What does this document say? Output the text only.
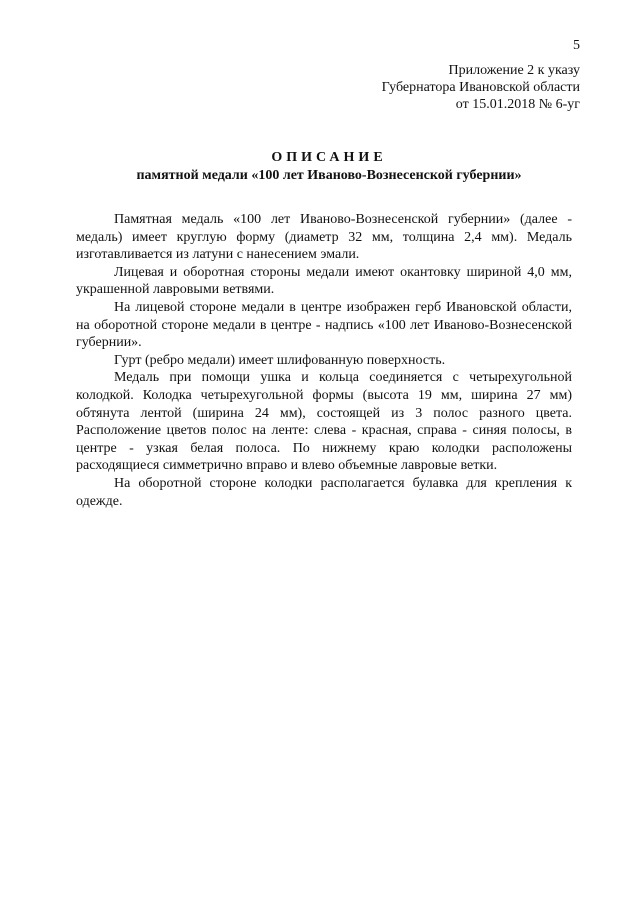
5
Приложение 2 к указу
Губернатора Ивановской области
от 15.01.2018 № 6-уг
ОПИСАНИЕ
памятной медали «100 лет Иваново-Вознесенской губернии»

Памятная медаль «100 лет Иваново-Вознесенской губернии» (далее - медаль) имеет круглую форму (диаметр 32 мм, толщина 2,4 мм). Медаль изготавливается из латуни с нанесением эмали.

Лицевая и оборотная стороны медали имеют окантовку шириной 4,0 мм, украшенной лавровыми ветвями.

На лицевой стороне медали в центре изображен герб Ивановской области, на оборотной стороне медали в центре - надпись «100 лет Иваново-Вознесенской губернии».

Гурт (ребро медали) имеет шлифованную поверхность.

Медаль при помощи ушка и кольца соединяется с четырехугольной колодкой. Колодка четырехугольной формы (высота 19 мм, ширина 27 мм) обтянута лентой (ширина 24 мм), состоящей из 3 полос разного цвета. Расположение цветов полос на ленте: слева - красная, справа - синяя полосы, в центре - узкая белая полоса. По нижнему краю колодки расположены расходящиеся симметрично вправо и влево объемные лавровые ветки.

На оборотной стороне колодки располагается булавка для крепления к одежде.
